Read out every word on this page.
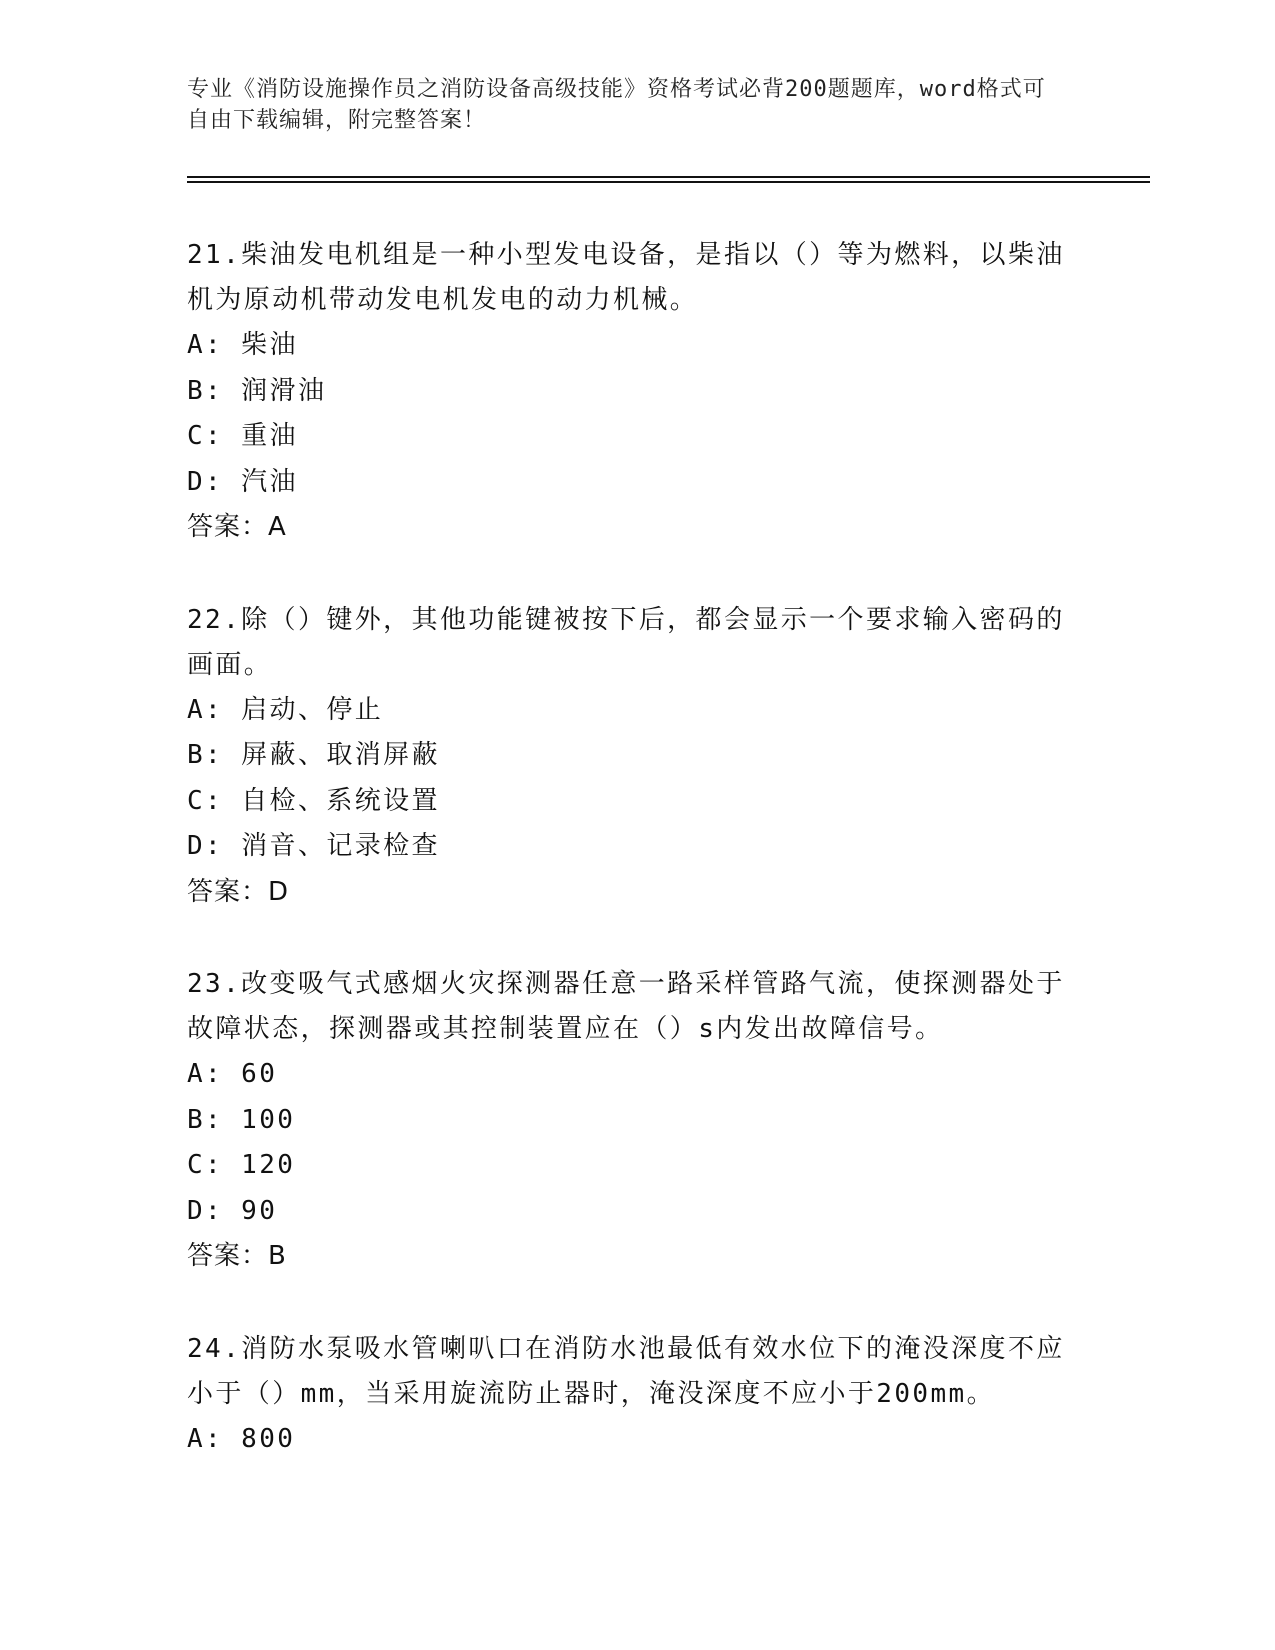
专业《消防设施操作员之消防设备高级技能》资格考试必背200题题库，word格式可自由下载编辑，附完整答案！
21.柴油发电机组是一种小型发电设备，是指以（）等为燃料，以柴油机为原动机带动发电机发电的动力机械。
A: 柴油
B: 润滑油
C: 重油
D: 汽油
答案：A
22.除（）键外，其他功能键被按下后，都会显示一个要求输入密码的画面。
A: 启动、停止
B: 屏蔽、取消屏蔽
C: 自检、系统设置
D: 消音、记录检查
答案：D
23.改变吸气式感烟火灾探测器任意一路采样管路气流，使探测器处于故障状态，探测器或其控制装置应在（）s内发出故障信号。
A: 60
B: 100
C: 120
D: 90
答案：B
24.消防水泵吸水管喇叭口在消防水池最低有效水位下的淹没深度不应小于（）mm，当采用旋流防止器时，淹没深度不应小于200mm。
A: 800
